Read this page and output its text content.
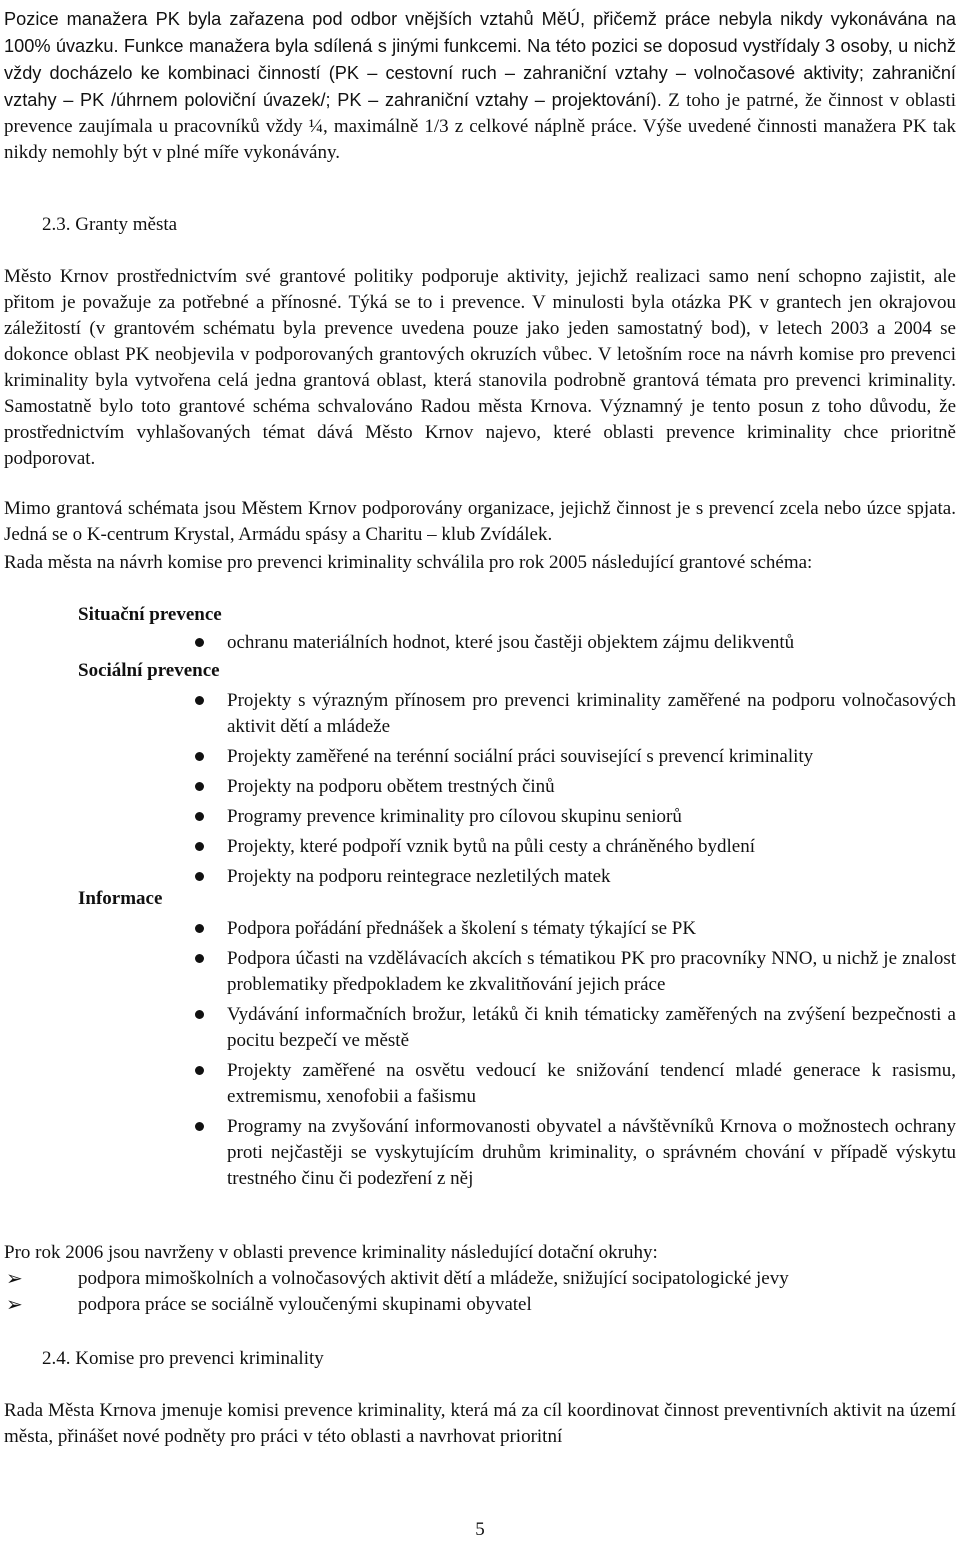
Pozice manažera PK byla zařazena pod odbor vnějších vztahů MěÚ, přičemž práce nebyla nikdy vykonávána na 100% úvazku. Funkce manažera byla sdílená s jinými funkcemi. Na této pozici se doposud vystřídaly 3 osoby, u nichž vždy docházelo ke kombinaci činností (PK – cestovní ruch – zahraniční vztahy – volnočasové aktivity; zahraniční vztahy – PK /úhrnem poloviční úvazek/; PK – zahraniční vztahy – projektování). Z toho je patrné, že činnost v oblasti prevence zaujímala u pracovníků vždy ¼, maximálně 1/3 z celkové náplně práce. Výše uvedené činnosti manažera PK tak nikdy nemohly být v plné míře vykonávány.

2.3. Granty města

Město Krnov prostřednictvím své grantové politiky podporuje aktivity, jejichž realizaci samo není schopno zajistit, ale přitom je považuje za potřebné a přínosné. Týká se to i prevence. V minulosti byla otázka PK v grantech jen okrajovou záležitostí (v grantovém schématu byla prevence uvedena pouze jako jeden samostatný bod), v letech 2003 a 2004 se dokonce oblast PK neobjevila v podporovaných grantových okruzích vůbec. V letošním roce na návrh komise pro prevenci kriminality byla vytvořena celá jedna grantová oblast, která stanovila podrobně grantová témata pro prevenci kriminality. Samostatně bylo toto grantové schéma schvalováno Radou města Krnova. Významný je tento posun z toho důvodu, že prostřednictvím vyhlašovaných témat dává Město Krnov najevo, které oblasti prevence kriminality chce prioritně podporovat.

Mimo grantová schémata jsou Městem Krnov podporovány organizace, jejichž činnost je s prevencí zcela nebo úzce spjata. Jedná se o K-centrum Krystal, Armádu spásy a Charitu – klub Zvídálek.

Rada města na návrh komise pro prevenci kriminality schválila pro rok 2005 následující grantové schéma:

Situační prevence
ochranu materiálních hodnot, které jsou častěji objektem zájmu delikventů
Sociální prevence
Projekty s výrazným přínosem pro prevenci kriminality zaměřené na podporu volnočasových aktivit dětí a mládeže
Projekty zaměřené na terénní sociální práci související s prevencí kriminality
Projekty na podporu obětem trestných činů
Programy prevence kriminality pro cílovou skupinu seniorů
Projekty, které podpoří vznik bytů na půli cesty a chráněného bydlení
Projekty na podporu reintegrace nezletilých matek
Informace
Podpora pořádání přednášek a školení s tématy týkající se PK
Podpora účasti na vzdělávacích akcích s tématikou PK pro pracovníky NNO, u nichž je znalost problematiky předpokladem ke zkvalitňování jejich práce
Vydávání informačních brožur, letáků či knih tématicky zaměřených na zvýšení bezpečnosti a pocitu bezpečí ve městě
Projekty zaměřené na osvětu vedoucí ke snižování tendencí mladé generace k rasismu, extremismu, xenofobii a fašismu
Programy na zvyšování informovanosti obyvatel a návštěvníků Krnova o možnostech ochrany proti nejčastěji se vyskytujícím druhům kriminality, o správném chování v případě výskytu trestného činu či podezření z něj

Pro rok 2006 jsou navrženy v oblasti prevence kriminality následující dotační okruhy:

➢	podpora mimoškolních a volnočasových aktivit dětí a mládeže, snižující socipatologické jevy
➢	podpora práce se sociálně vyloučenými skupinami obyvatel
2.4. Komise pro prevenci kriminality

Rada Města Krnova jmenuje komisi prevence kriminality, která má za cíl koordinovat činnost preventivních aktivit na území města, přinášet nové podněty pro práci v této oblasti a navrhovat prioritní

5
